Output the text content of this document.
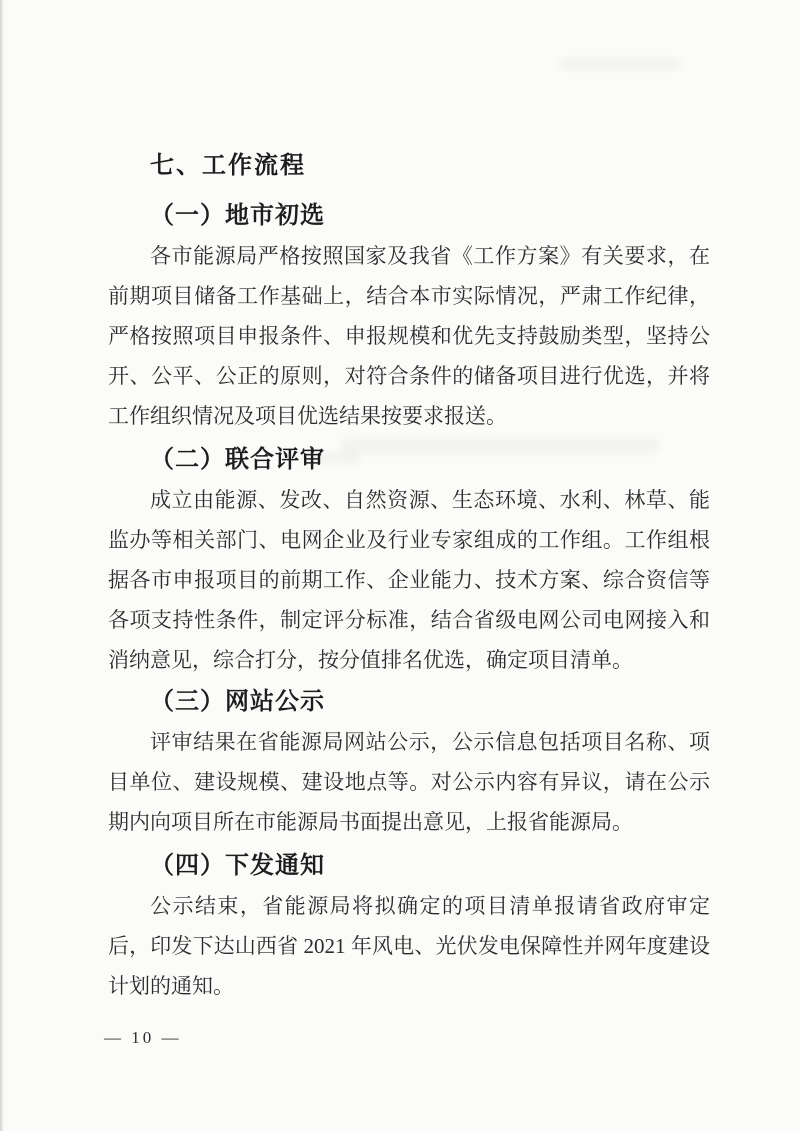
七、工作流程
（一）地市初选

各市能源局严格按照国家及我省《工作方案》有关要求，在前期项目储备工作基础上，结合本市实际情况，严肃工作纪律，严格按照项目申报条件、申报规模和优先支持鼓励类型，坚持公开、公平、公正的原则，对符合条件的储备项目进行优选，并将工作组织情况及项目优选结果按要求报送。

（二）联合评审

成立由能源、发改、自然资源、生态环境、水利、林草、能监办等相关部门、电网企业及行业专家组成的工作组。工作组根据各市申报项目的前期工作、企业能力、技术方案、综合资信等各项支持性条件，制定评分标准，结合省级电网公司电网接入和消纳意见，综合打分，按分值排名优选，确定项目清单。

（三）网站公示

评审结果在省能源局网站公示，公示信息包括项目名称、项目单位、建设规模、建设地点等。对公示内容有异议，请在公示期内向项目所在市能源局书面提出意见，上报省能源局。

（四）下发通知

公示结束，省能源局将拟确定的项目清单报请省政府审定后，印发下达山西省 2021 年风电、光伏发电保障性并网年度建设计划的通知。

— 10 —
